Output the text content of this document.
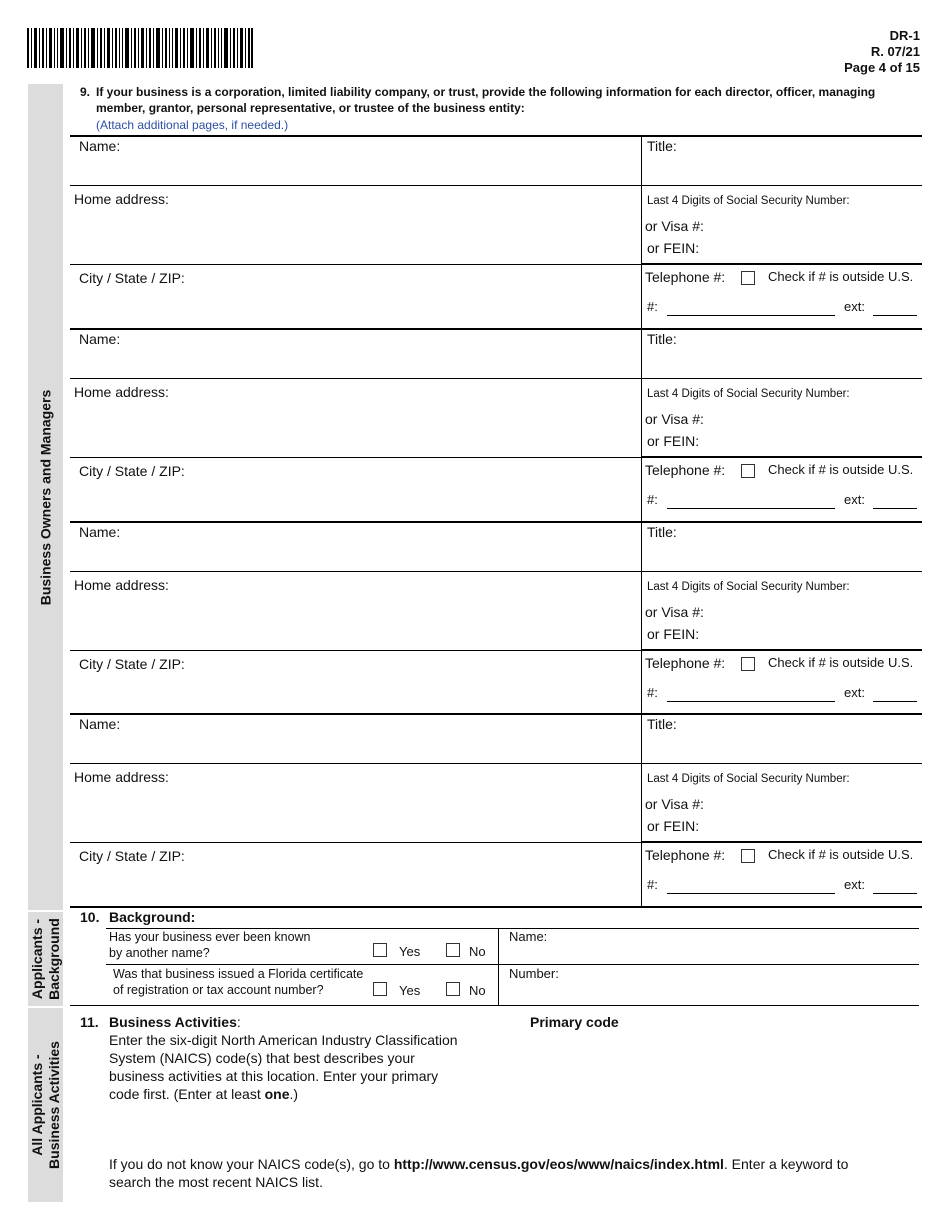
DR-1
R. 07/21
Page 4 of 15
Business Owners and Managers
Applicants - Background
All Applicants - Business Activities
9. If your business is a corporation, limited liability company, or trust, provide the following information for each director, officer, managing member, grantor, personal representative, or trustee of the business entity:
(Attach additional pages, if needed.)
Name:	Title:
Home address:	Last 4 Digits of Social Security Number:
or Visa #:
or FEIN:
City / State / ZIP:	Telephone #:	Check if # is outside U.S.
#:	ext:
Name:	Title:
Home address:	Last 4 Digits of Social Security Number:
or Visa #:
or FEIN:
City / State / ZIP:	Telephone #:	Check if # is outside U.S.
#:	ext:
Name:	Title:
Home address:	Last 4 Digits of Social Security Number:
or Visa #:
or FEIN:
City / State / ZIP:	Telephone #:	Check if # is outside U.S.
#:	ext:
Name:	Title:
Home address:	Last 4 Digits of Social Security Number:
or Visa #:
or FEIN:
City / State / ZIP:	Telephone #:	Check if # is outside U.S.
#:	ext:
10. Background:
Has your business ever been known
by another name?	Yes	No
Name:
Was that business issued a Florida certificate
of registration or tax account number?	Yes	No
Number:
11. Business Activities:	Primary code
Enter the six-digit North American Industry Classification
System (NAICS) code(s) that best describes your
business activities at this location. Enter your primary
code first. (Enter at least one.)
If you do not know your NAICS code(s), go to http://www.census.gov/eos/www/naics/index.html. Enter a keyword to
search the most recent NAICS list.
